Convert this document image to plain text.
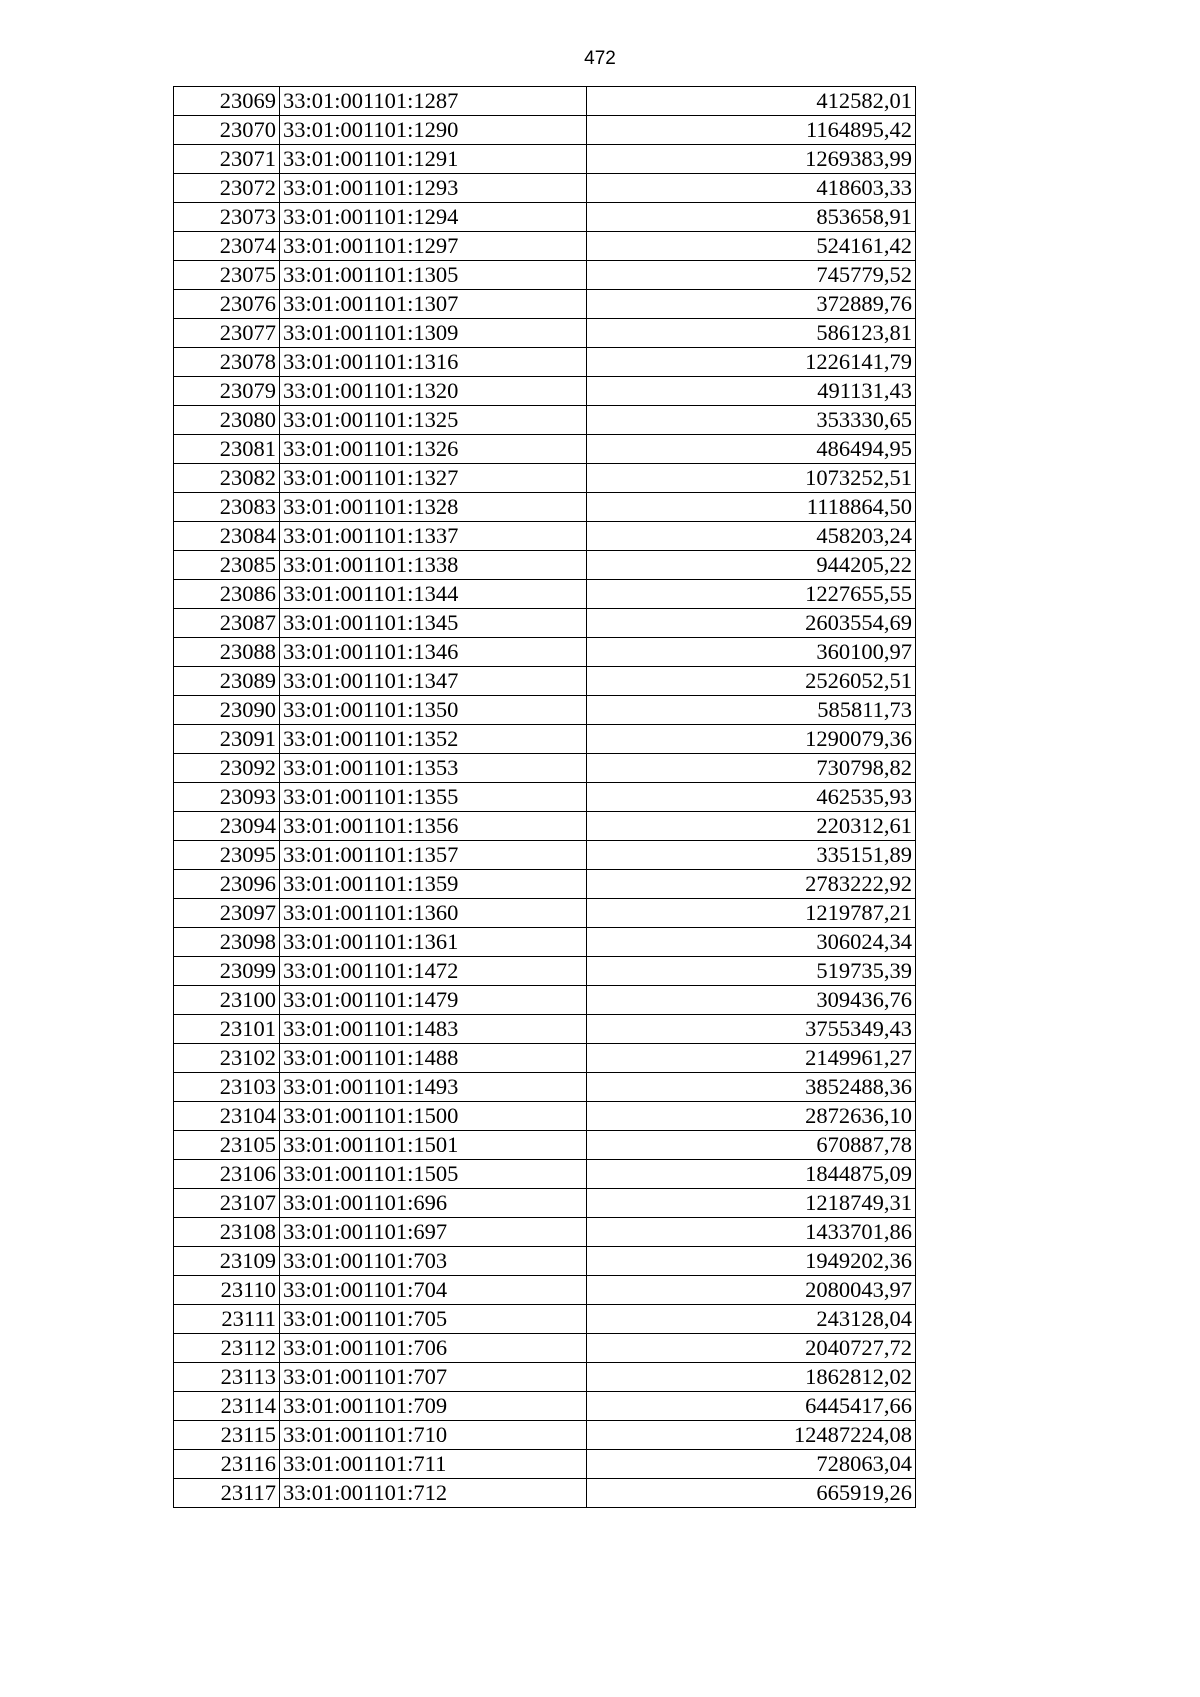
472
23069	33:01:001101:1287	412582,01
23070	33:01:001101:1290	1164895,42
23071	33:01:001101:1291	1269383,99
23072	33:01:001101:1293	418603,33
23073	33:01:001101:1294	853658,91
23074	33:01:001101:1297	524161,42
23075	33:01:001101:1305	745779,52
23076	33:01:001101:1307	372889,76
23077	33:01:001101:1309	586123,81
23078	33:01:001101:1316	1226141,79
23079	33:01:001101:1320	491131,43
23080	33:01:001101:1325	353330,65
23081	33:01:001101:1326	486494,95
23082	33:01:001101:1327	1073252,51
23083	33:01:001101:1328	1118864,50
23084	33:01:001101:1337	458203,24
23085	33:01:001101:1338	944205,22
23086	33:01:001101:1344	1227655,55
23087	33:01:001101:1345	2603554,69
23088	33:01:001101:1346	360100,97
23089	33:01:001101:1347	2526052,51
23090	33:01:001101:1350	585811,73
23091	33:01:001101:1352	1290079,36
23092	33:01:001101:1353	730798,82
23093	33:01:001101:1355	462535,93
23094	33:01:001101:1356	220312,61
23095	33:01:001101:1357	335151,89
23096	33:01:001101:1359	2783222,92
23097	33:01:001101:1360	1219787,21
23098	33:01:001101:1361	306024,34
23099	33:01:001101:1472	519735,39
23100	33:01:001101:1479	309436,76
23101	33:01:001101:1483	3755349,43
23102	33:01:001101:1488	2149961,27
23103	33:01:001101:1493	3852488,36
23104	33:01:001101:1500	2872636,10
23105	33:01:001101:1501	670887,78
23106	33:01:001101:1505	1844875,09
23107	33:01:001101:696	1218749,31
23108	33:01:001101:697	1433701,86
23109	33:01:001101:703	1949202,36
23110	33:01:001101:704	2080043,97
23111	33:01:001101:705	243128,04
23112	33:01:001101:706	2040727,72
23113	33:01:001101:707	1862812,02
23114	33:01:001101:709	6445417,66
23115	33:01:001101:710	12487224,08
23116	33:01:001101:711	728063,04
23117	33:01:001101:712	665919,26
